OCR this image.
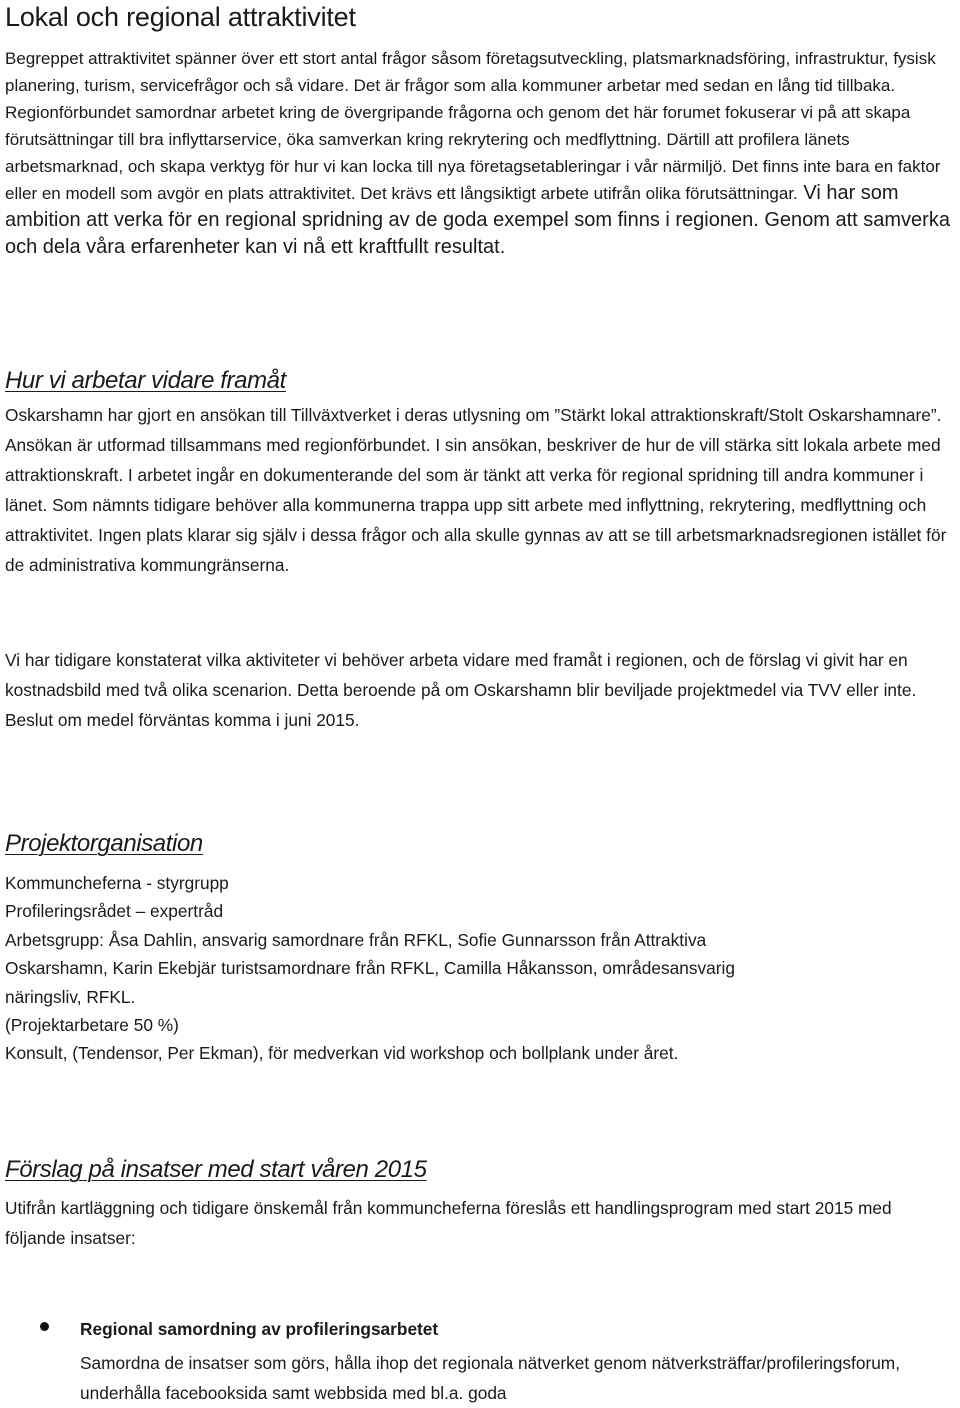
Lokal och regional attraktivitet

Begreppet attraktivitet spänner över ett stort antal frågor såsom företagsutveckling, platsmarknadsföring, infrastruktur, fysisk planering, turism, servicefrågor och så vidare. Det är frågor som alla kommuner arbetar med sedan en lång tid tillbaka. Regionförbundet samordnar arbetet kring de övergripande frågorna och genom det här forumet fokuserar vi på att skapa förutsättningar till bra inflyttarservice, öka samverkan kring rekrytering och medflyttning. Därtill att profilera länets arbetsmarknad, och skapa verktyg för hur vi kan locka till nya företagsetableringar i vår närmiljö. Det finns inte bara en faktor eller en modell som avgör en plats attraktivitet. Det krävs ett långsiktigt arbete utifrån olika förutsättningar. Vi har som ambition att verka för en regional spridning av de goda exempel som finns i regionen. Genom att samverka och dela våra erfarenheter kan vi nå ett kraftfullt resultat.

Hur vi arbetar vidare framåt

Oskarshamn har gjort en ansökan till Tillväxtverket i deras utlysning om ”Stärkt lokal attraktionskraft/Stolt Oskarshamnare”. Ansökan är utformad tillsammans med regionförbundet. I sin ansökan, beskriver de hur de vill stärka sitt lokala arbete med attraktionskraft. I arbetet ingår en dokumenterande del som är tänkt att verka för regional spridning till andra kommuner i länet. Som nämnts tidigare behöver alla kommunerna trappa upp sitt arbete med inflyttning, rekrytering, medflyttning och attraktivitet. Ingen plats klarar sig själv i dessa frågor och alla skulle gynnas av att se till arbetsmarknadsregionen istället för de administrativa kommungränserna.

Vi har tidigare konstaterat vilka aktiviteter vi behöver arbeta vidare med framåt i regionen, och de förslag vi givit har en kostnadsbild med två olika scenarion. Detta beroende på om Oskarshamn blir beviljade projektmedel via TVV eller inte. Beslut om medel förväntas komma i juni 2015.

Projektorganisation
Kommuncheferna - styrgrupp
Profileringsrådet – expertråd
Arbetsgrupp: Åsa Dahlin, ansvarig samordnare från RFKL, Sofie Gunnarsson från Attraktiva
Oskarshamn, Karin Ekebjär turistsamordnare från RFKL, Camilla Håkansson, områdesansvarig
näringsliv, RFKL.
(Projektarbetare 50 %)
Konsult, (Tendensor, Per Ekman), för medverkan vid workshop och bollplank under året.
Förslag på insatser med start våren 2015

Utifrån kartläggning och tidigare önskemål från kommuncheferna föreslås ett handlingsprogram med start 2015 med följande insatser:

Regional samordning av profileringsarbetet

Samordna de insatser som görs, hålla ihop det regionala nätverket genom nätverksträffar/profileringsforum, underhålla facebooksida samt webbsida med bl.a. goda
